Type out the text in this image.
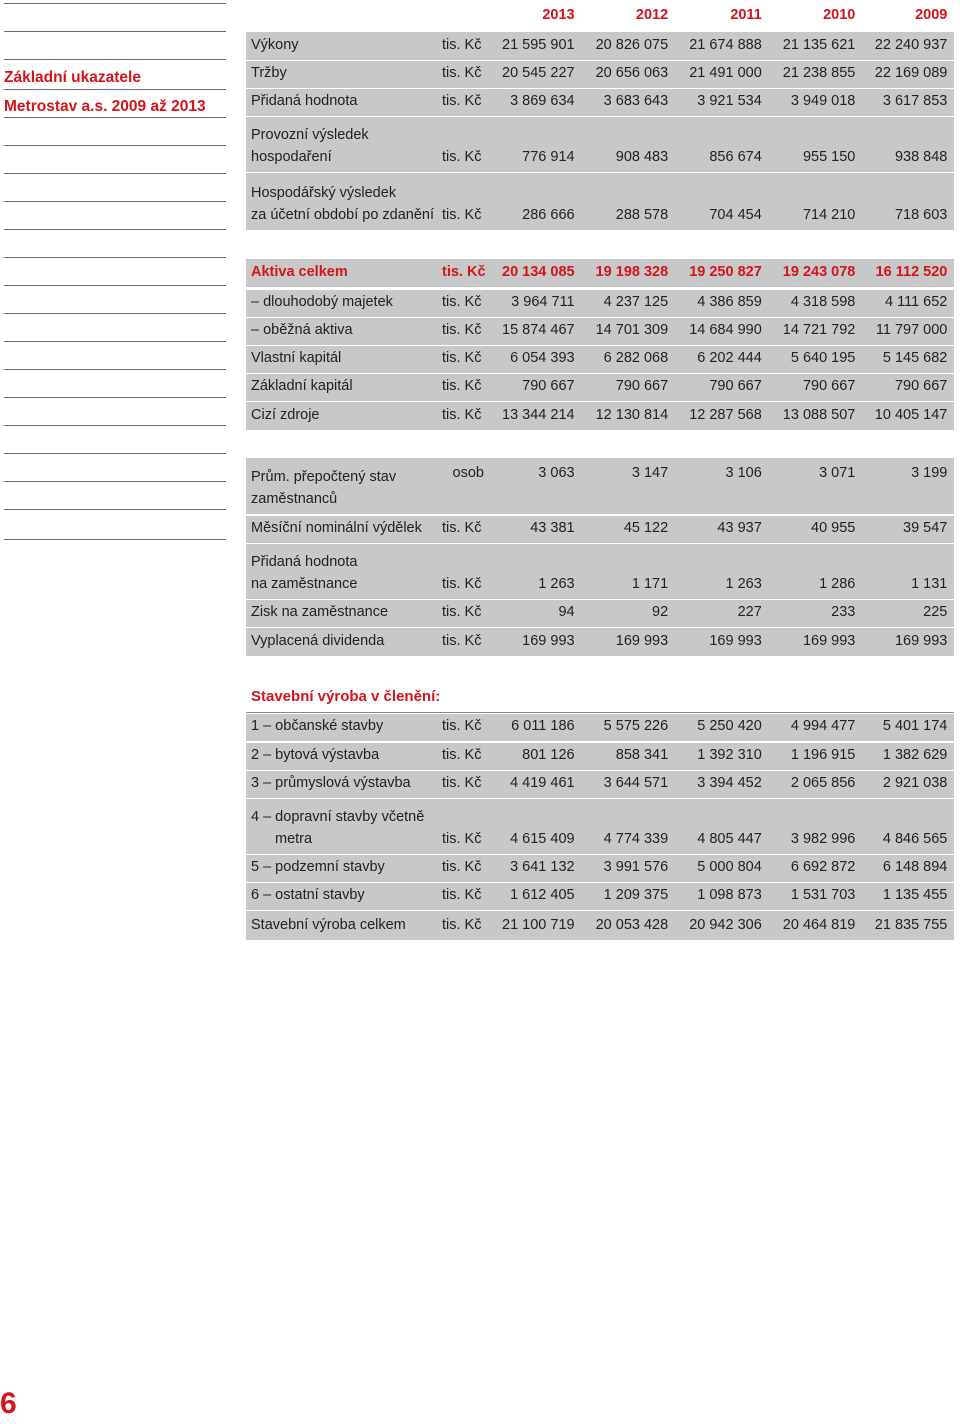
Základní ukazatele
Metrostav a.s. 2009 až 2013
6
2013	2012	2011	2010	2009
Výkony	tis. Kč	21 595 901	20 826 075	21 674 888	21 135 621	22 240 937
Tržby	tis. Kč	20 545 227	20 656 063	21 491 000	21 238 855	22 169 089
Přidaná hodnota	tis. Kč	3 869 634	3 683 643	3 921 534	3 949 018	3 617 853
Provozní výsledek
hospodaření	tis. Kč	776 914	908 483	856 674	955 150	938 848
Hospodářský výsledek
za účetní období po zdanění tis. Kč	286 666	288 578	704 454	714 210	718 603
Aktiva celkem	tis. Kč	20 134 085	19 198 328	19 250 827	19 243 078	16 112 520
– dlouhodobý majetek	tis. Kč	3 964 711	4 237 125	4 386 859	4 318 598	4 111 652
– oběžná aktiva	tis. Kč	15 874 467	14 701 309	14 684 990	14 721 792	11 797 000
Vlastní kapitál	tis. Kč	6 054 393	6 282 068	6 202 444	5 640 195	5 145 682
Základní kapitál	tis. Kč	790 667	790 667	790 667	790 667	790 667
Cizí zdroje	tis. Kč	13 344 214	12 130 814	12 287 568	13 088 507	10 405 147
Prům. přepočtený stav
zaměstnanců
osob	3 063	3 147	3 106	3 071	3 199
Měsíční nominální výdělek	tis. Kč	43 381	45 122	43 937	40 955	39 547
Přidaná hodnota
na zaměstnance	tis. Kč	1 263	1 171	1 263	1 286	1 131
Zisk na zaměstnance	tis. Kč	94	92	227	233	225
Vyplacená dividenda	tis. Kč	169 993	169 993	169 993	169 993	169 993
Stavební výroba v členění:
1 – občanské stavby	tis. Kč	6 011 186	5 575 226	5 250 420	4 994 477	5 401 174
2 – bytová výstavba	tis. Kč	801 126	858 341	1 392 310	1 196 915	1 382 629
3 – průmyslová výstavba	tis. Kč	4 419 461	3 644 571	3 394 452	2 065 856	2 921 038
4 – dopravní stavby včetně
metra	tis. Kč	4 615 409	4 774 339	4 805 447	3 982 996	4 846 565
5 – podzemní stavby	tis. Kč	3 641 132	3 991 576	5 000 804	6 692 872	6 148 894
6 – ostatní stavby	tis. Kč	1 612 405	1 209 375	1 098 873	1 531 703	1 135 455
Stavební výroba celkem	tis. Kč	21 100 719	20 053 428	20 942 306	20 464 819	21 835 755
